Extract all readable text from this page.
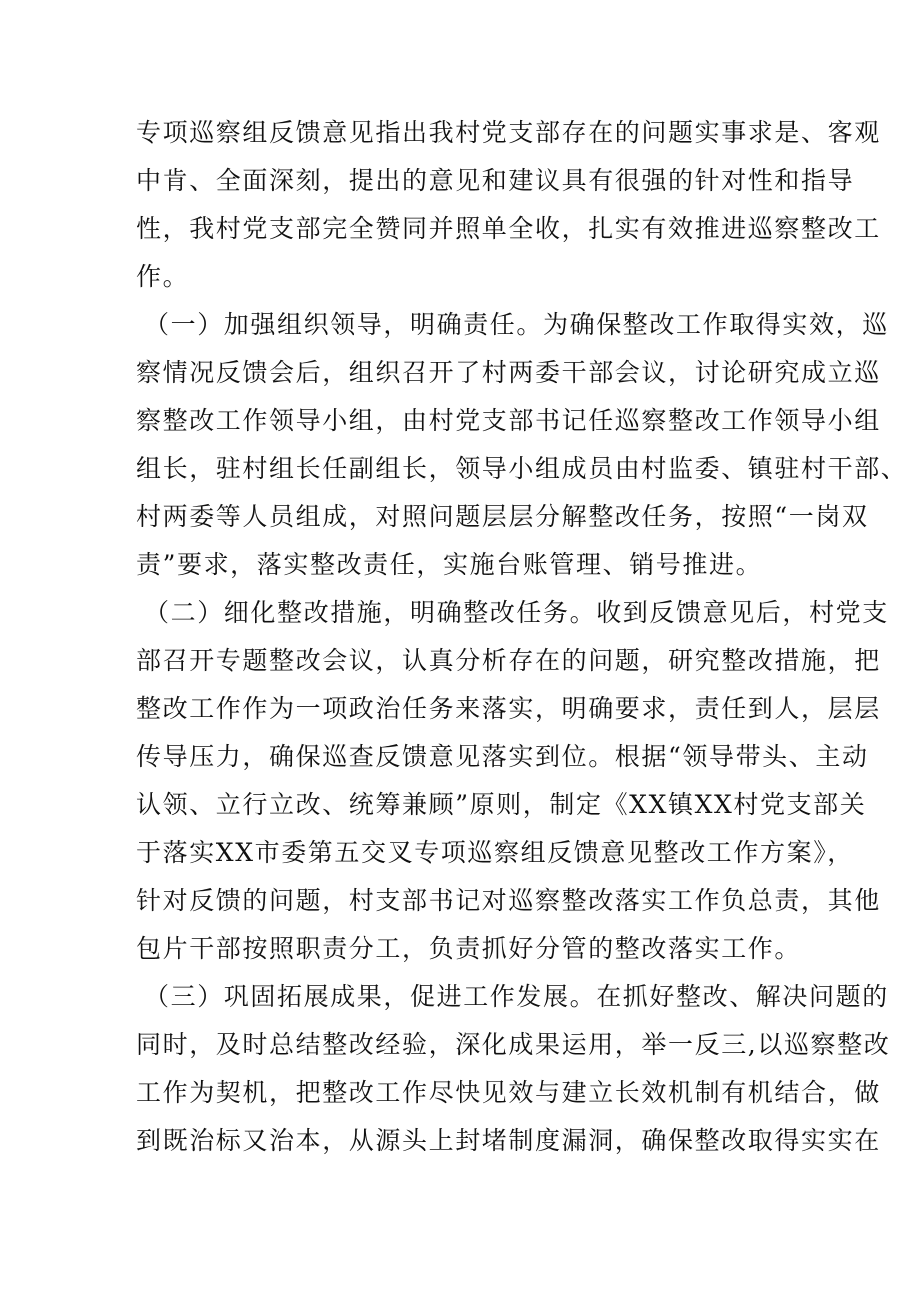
专项巡察组反馈意见指出我村党支部存在的问题实事求是、客观

中肯、全面深刻，提出的意见和建议具有很强的针对性和指导

性，我村党支部完全赞同并照单全收，扎实有效推进巡察整改工

作。

（一）加强组织领导，明确责任。为确保整改工作取得实效，巡

察情况反馈会后，组织召开了村两委干部会议，讨论研究成立巡

察整改工作领导小组，由村党支部书记任巡察整改工作领导小组

组长，驻村组长任副组长，领导小组成员由村监委、镇驻村干部、

村两委等人员组成，对照问题层层分解整改任务，按照“一岗双

责”要求，落实整改责任，实施台账管理、销号推进。

（二）细化整改措施，明确整改任务。收到反馈意见后，村党支

部召开专题整改会议，认真分析存在的问题，研究整改措施，把

整改工作作为一项政治任务来落实，明确要求，责任到人，层层

传导压力，确保巡查反馈意见落实到位。根据“领导带头、主动

认领、立行立改、统筹兼顾”原则，制定《XX镇XX村党支部关

于落实XX市委第五交叉专项巡察组反馈意见整改工作方案》，

针对反馈的问题，村支部书记对巡察整改落实工作负总责，其他

包片干部按照职责分工，负责抓好分管的整改落实工作。

（三）巩固拓展成果，促进工作发展。在抓好整改、解决问题的

同时，及时总结整改经验，深化成果运用，举一反三,以巡察整改

工作为契机，把整改工作尽快见效与建立长效机制有机结合，做

到既治标又治本，从源头上封堵制度漏洞，确保整改取得实实在
